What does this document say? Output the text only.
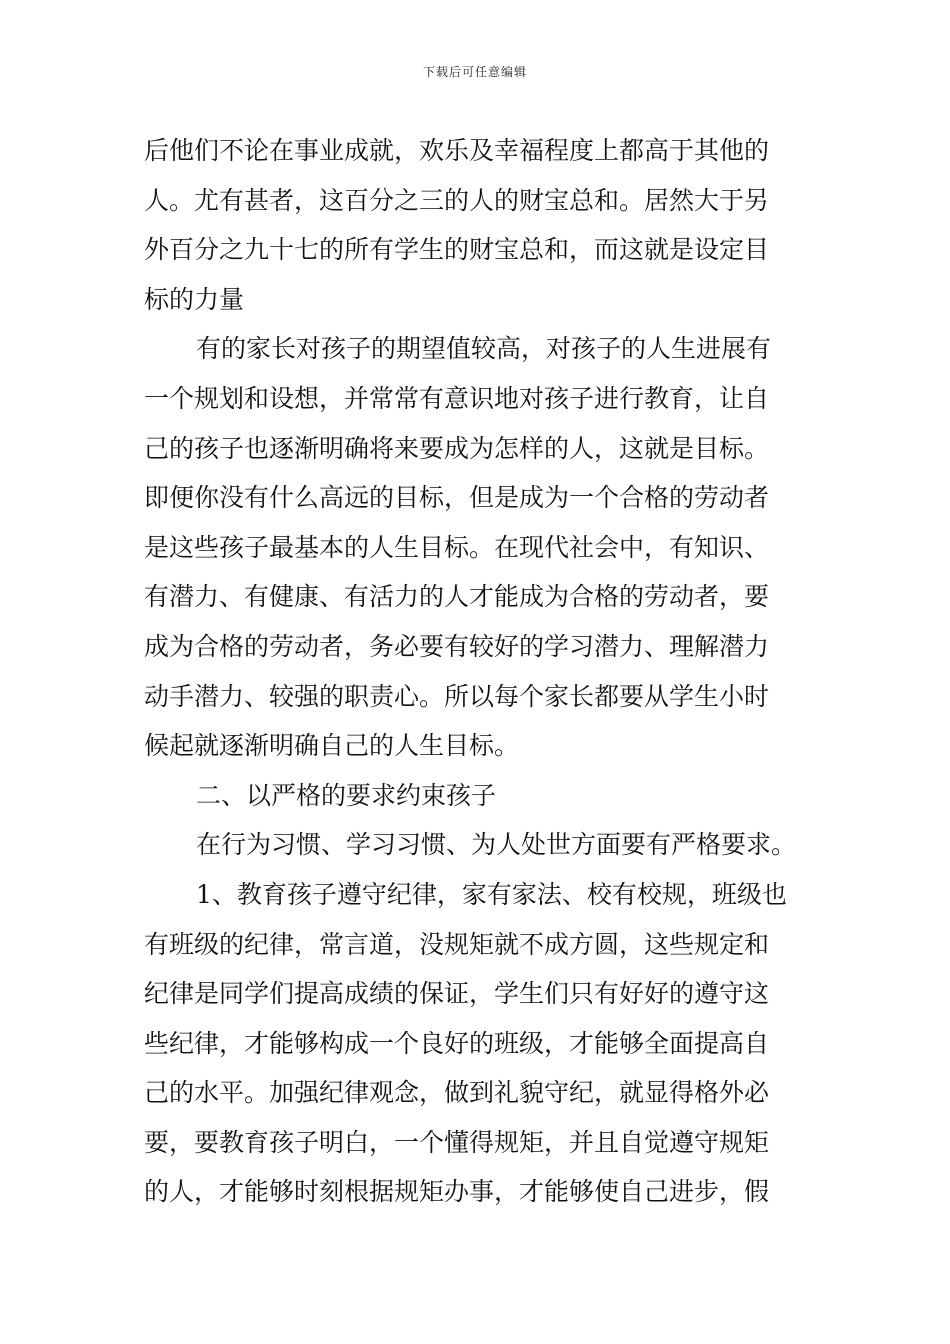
下载后可任意编辑
后他们不论在事业成就，欢乐及幸福程度上都高于其他的
人。尤有甚者，这百分之三的人的财宝总和。居然大于另
外百分之九十七的所有学生的财宝总和，而这就是设定目
标的力量
有的家长对孩子的期望值较高，对孩子的人生进展有
一个规划和设想，并常常有意识地对孩子进行教育，让自
己的孩子也逐渐明确将来要成为怎样的人，这就是目标。
即便你没有什么高远的目标，但是成为一个合格的劳动者
是这些孩子最基本的人生目标。在现代社会中，有知识、
有潜力、有健康、有活力的人才能成为合格的劳动者，要
成为合格的劳动者，务必要有较好的学习潜力、理解潜力
动手潜力、较强的职责心。所以每个家长都要从学生小时
候起就逐渐明确自己的人生目标。
二、以严格的要求约束孩子
在行为习惯、学习习惯、为人处世方面要有严格要求。
1、教育孩子遵守纪律，家有家法、校有校规，班级也
有班级的纪律，常言道，没规矩就不成方圆，这些规定和
纪律是同学们提高成绩的保证，学生们只有好好的遵守这
些纪律，才能够构成一个良好的班级，才能够全面提高自
己的水平。加强纪律观念，做到礼貌守纪，就显得格外必
要，要教育孩子明白，一个懂得规矩，并且自觉遵守规矩
的人，才能够时刻根据规矩办事，才能够使自己进步，假
